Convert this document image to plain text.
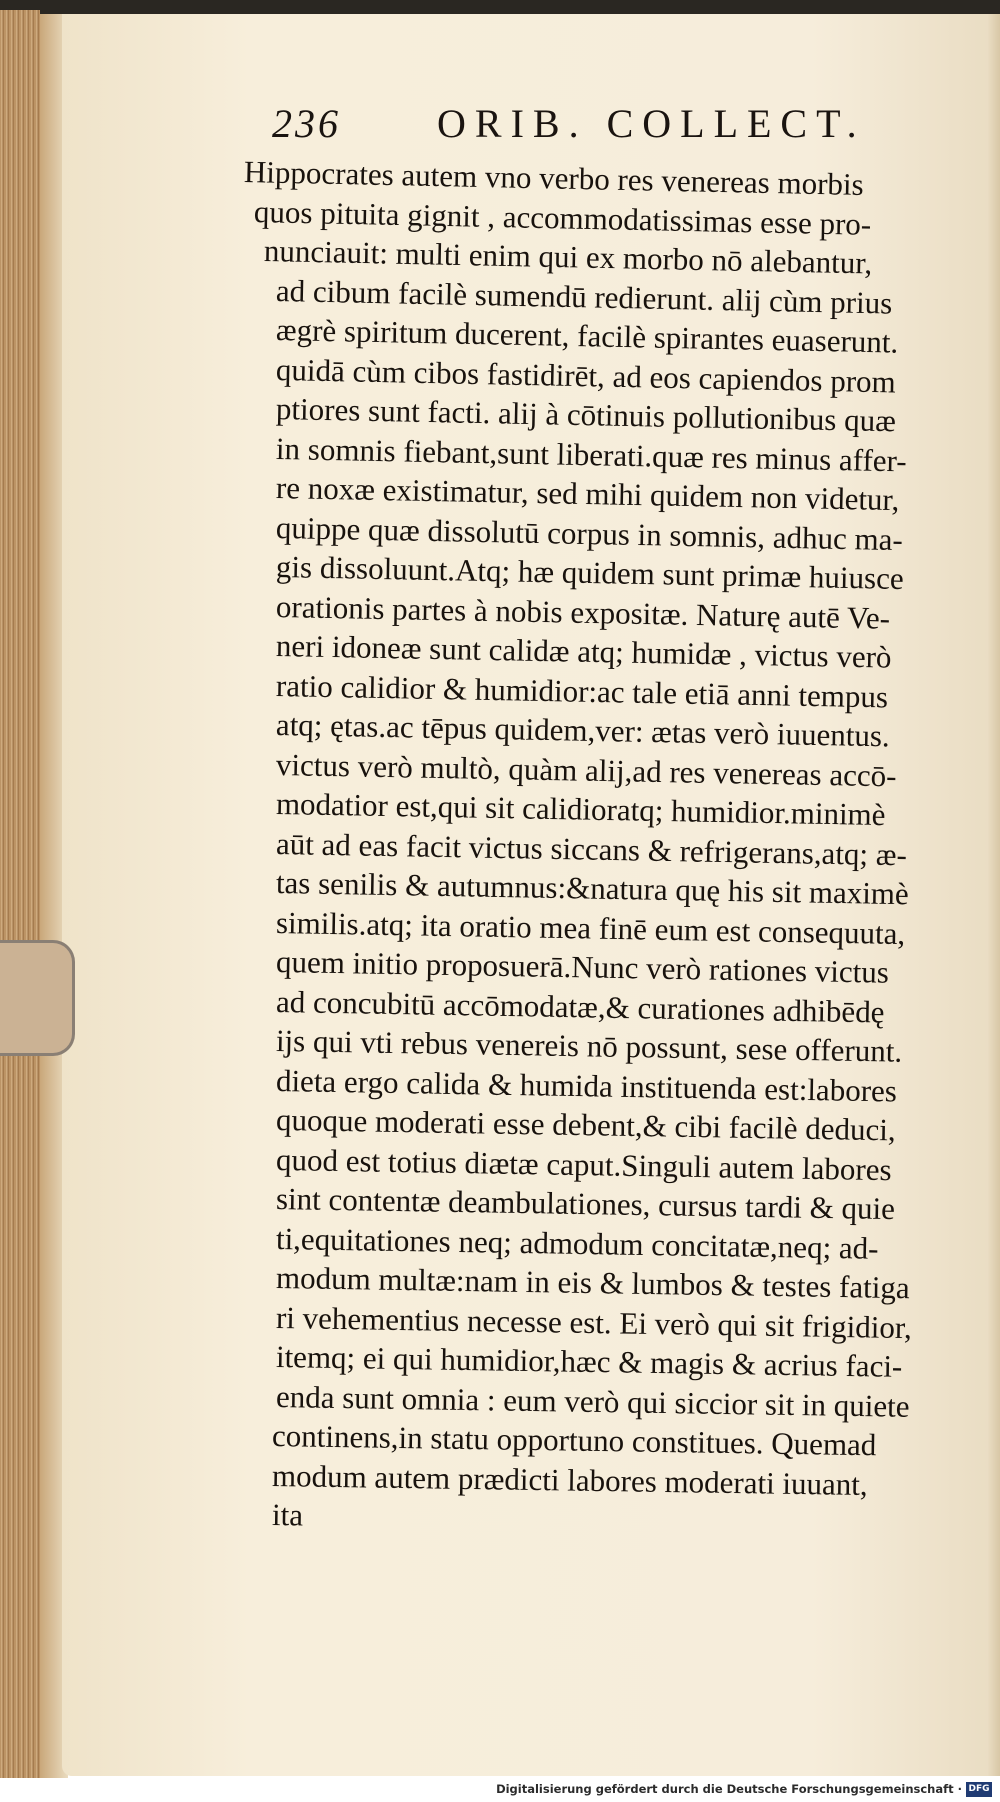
236 ORIB. COLLECT.
Hippocrates autem vno verbo res venereas morbis
quos pituita gignit , accommodatissimas esse pro-
nunciauit: multi enim qui ex morbo nō alebantur,
ad cibum facilè sumendū redierunt. alij cùm prius
ægrè spiritum ducerent, facilè spirantes euaserunt.
quidā cùm cibos fastidirēt, ad eos capiendos prom
ptiores sunt facti. alij à cōtinuis pollutionibus quæ
in somnis fiebant,sunt liberati.quæ res minus affer-
re noxæ existimatur, sed mihi quidem non videtur,
quippe quæ dissolutū corpus in somnis, adhuc ma-
gis dissoluunt.Atq; hæ quidem sunt primæ huiusce
orationis partes à nobis expositæ. Naturę autē Ve-
neri idoneæ sunt calidæ atq; humidæ , victus verò
ratio calidior & humidior:ac tale etiā anni tempus
atq; ętas.ac tēpus quidem,ver: ætas verò iuuentus.
victus verò multò, quàm alij,ad res venereas accō-
modatior est,qui sit calidioratq; humidior.minimè
aūt ad eas facit victus siccans & refrigerans,atq; æ-
tas senilis & autumnus:&natura quę his sit maximè
similis.atq; ita oratio mea finē eum est consequuta,
quem initio proposuerā.Nunc verò rationes victus
ad concubitū accōmodatæ,& curationes adhibēdę
ijs qui vti rebus venereis nō possunt, sese offerunt.
dieta ergo calida & humida instituenda est:labores
quoque moderati esse debent,& cibi facilè deduci,
quod est totius diætæ caput.Singuli autem labores
sint contentæ deambulationes, cursus tardi & quie
ti,equitationes neq; admodum concitatæ,neq; ad-
modum multæ:nam in eis & lumbos & testes fatiga
ri vehementius necesse est. Ei verò qui sit frigidior,
itemq; ei qui humidior,hæc & magis & acrius faci-
enda sunt omnia : eum verò qui siccior sit in quiete
continens,in statu opportuno constitues. Quemad
modum autem prædicti labores moderati iuuant,
ita
Digitalisierung gefördert durch die Deutsche Forschungsgemeinschaft · DFG
